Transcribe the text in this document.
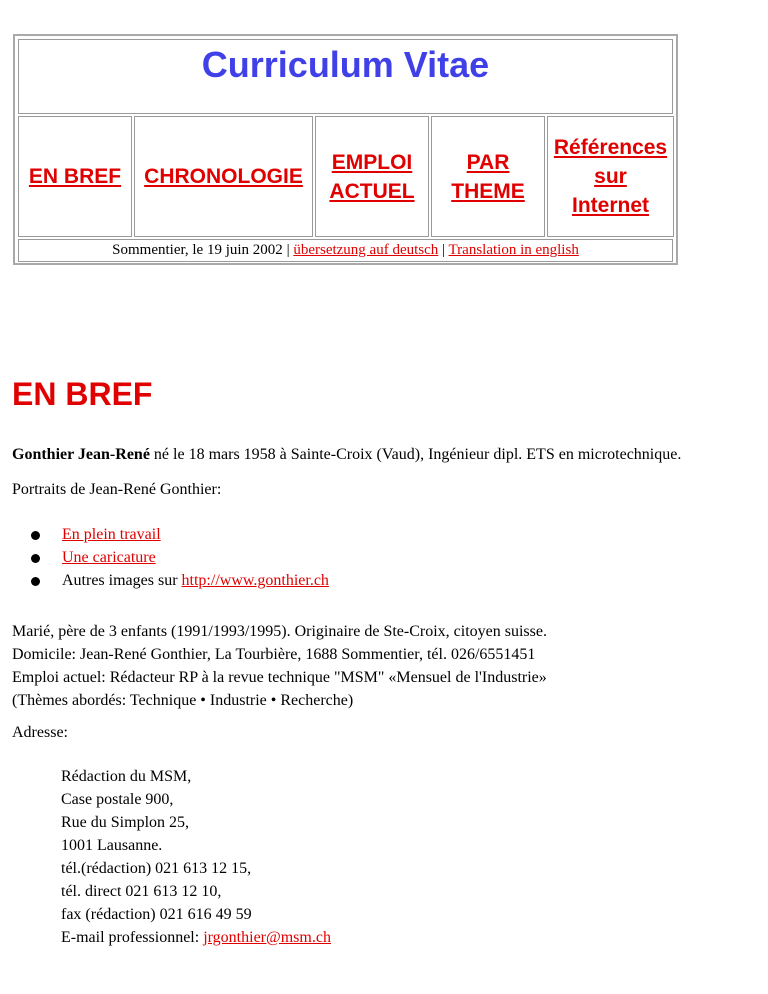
Curriculum Vitae
EN BREF CHRONOLOGIE
EMPLOI
ACTUEL
PAR
THEME
Références
sur
Internet
Sommentier, le 19 juin 2002 | übersetzung auf deutsch | Translation in english
EN BREF

Gonthier Jean-René né le 18 mars 1958 à Sainte-Croix (Vaud), Ingénieur dipl. ETS en microtechnique.

Portraits de Jean-René Gonthier:

En plein travail
Une caricature
Autres images sur http://www.gonthier.ch
Marié, père de 3 enfants (1991/1993/1995). Originaire de Ste-Croix, citoyen suisse.
Domicile: Jean-René Gonthier, La Tourbière, 1688 Sommentier, tél. 026/6551451
Emploi actuel: Rédacteur RP à la revue technique "MSM" «Mensuel de l'Industrie»
(Thèmes abordés: Technique • Industrie • Recherche)

Adresse:

Rédaction du MSM,
Case postale 900,
Rue du Simplon 25,
1001 Lausanne.
tél.(rédaction) 021 613 12 15,
tél. direct 021 613 12 10,
fax (rédaction) 021 616 49 59
E-mail professionnel: jrgonthier@msm.ch
